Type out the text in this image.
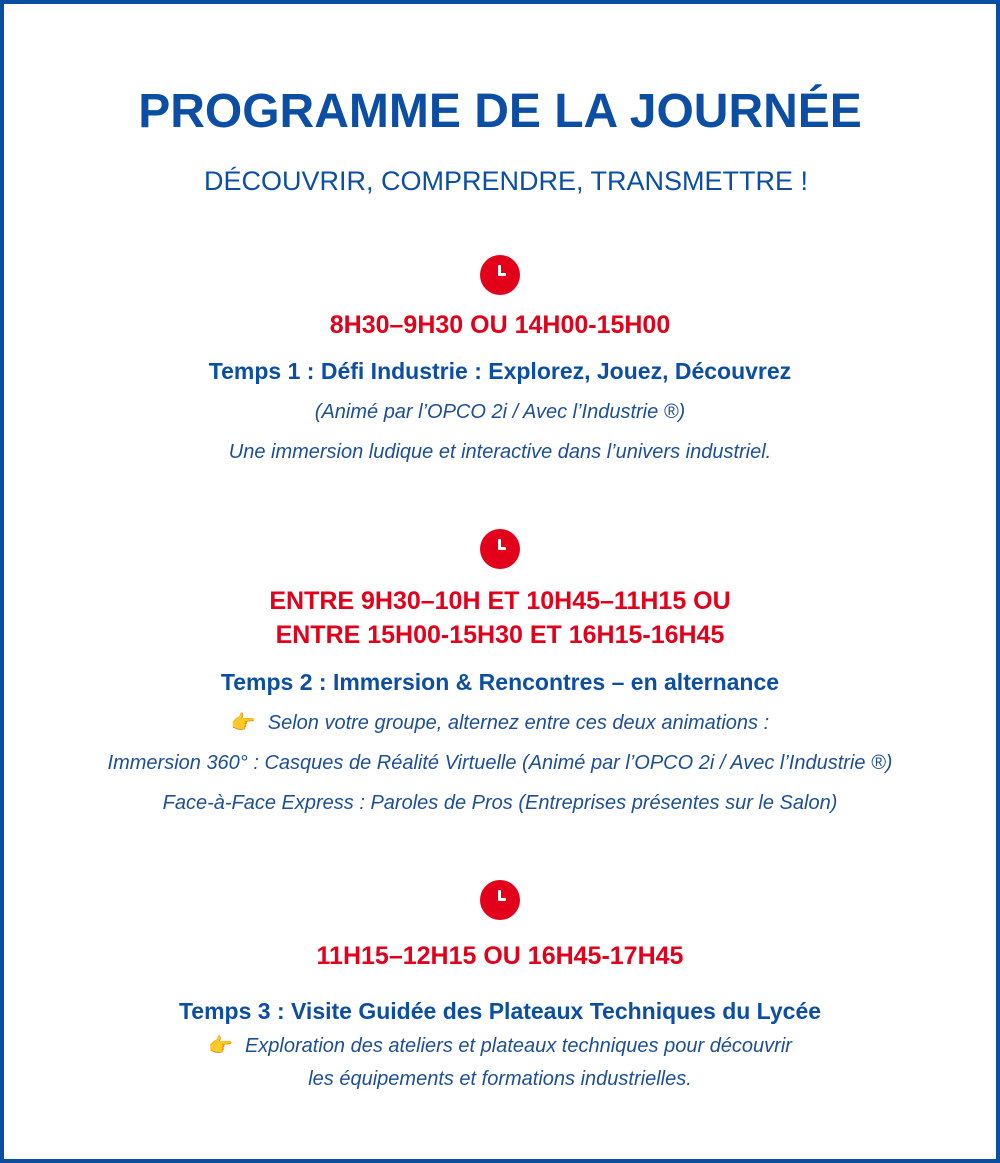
PROGRAMME DE LA JOURNÉE
DÉCOUVRIR, COMPRENDRE, TRANSMETTRE !
8H30–9H30 OU 14H00-15H00
Temps 1 : Défi Industrie : Explorez, Jouez, Découvrez
(Animé par l’OPCO 2i / Avec l’Industrie ®)
Une immersion ludique et interactive dans l’univers industriel.
ENTRE 9H30–10H ET 10H45–11H15 OU
ENTRE 15H00-15H30 ET 16H15-16H45
Temps 2 : Immersion & Rencontres – en alternance
👉 Selon votre groupe, alternez entre ces deux animations :
Immersion 360° : Casques de Réalité Virtuelle (Animé par l’OPCO 2i / Avec l’Industrie ®)
Face-à-Face Express : Paroles de Pros (Entreprises présentes sur le Salon)
11H15–12H15 OU 16H45-17H45
Temps 3 : Visite Guidée des Plateaux Techniques du Lycée
👉 Exploration des ateliers et plateaux techniques pour découvrir
les équipements et formations industrielles.
